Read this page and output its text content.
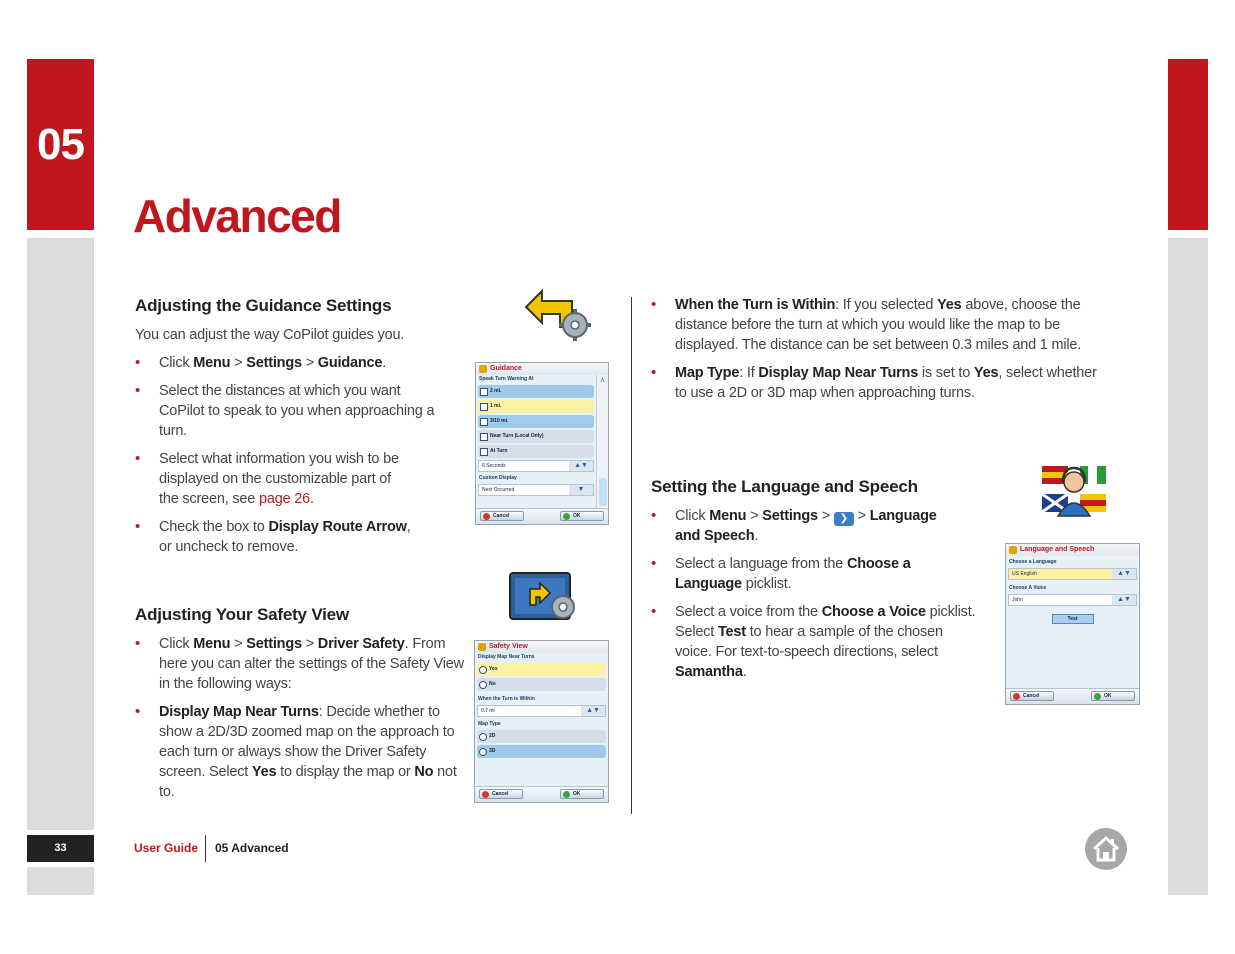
05
33
Advanced
Adjusting the Guidance Settings
You can adjust the way CoPilot guides you.
• Click Menu > Settings > Guidance.
• Select the distances at which you want CoPilot to speak to you when approaching a turn.
• Select what information you wish to be displayed on the customizable part of the screen, see page 26.
• Check the box to Display Route Arrow, or uncheck to remove.
Guidance
Speak Turn Warning At
2 mi.
1 mi.
3/10 mi.
Near Turn (Local Only)
At Turn
6 Seconds	▲▼
Custom Display
Next Occurred	▼
˄
Cancel	OK
Adjusting Your Safety View
• Click Menu > Settings > Driver Safety. From here you can alter the settings of the Safety View in the following ways:
• Display Map Near Turns: Decide whether to show a 2D/3D zoomed map on the approach to each turn or always show the Driver Safety screen. Select Yes to display the map or No not to.
Safety View
Display Map Near Turns
Yes
No
When the Turn is Within
0.7 mi	▲▼
Map Type
2D
3D
Cancel	OK
• When the Turn is Within: If you selected Yes above, choose the distance before the turn at which you would like the map to be displayed. The distance can be set between 0.3 miles and 1 mile.
• Map Type: If Display Map Near Turns is set to Yes, select whether to use a 2D or 3D map when approaching turns.
Setting the Language and Speech
• Click Menu > Settings > ❯ > Language and Speech.
• Select a language from the Choose a Language picklist.
• Select a voice from the Choose a Voice picklist. Select Test to hear a sample of the chosen voice. For text-to-speech directions, select Samantha.
Language and Speech
Choose a Language
US English	▲▼
Choose A Voice
John	▲▼
Test
Cancel	OK
User Guide 05 Advanced
